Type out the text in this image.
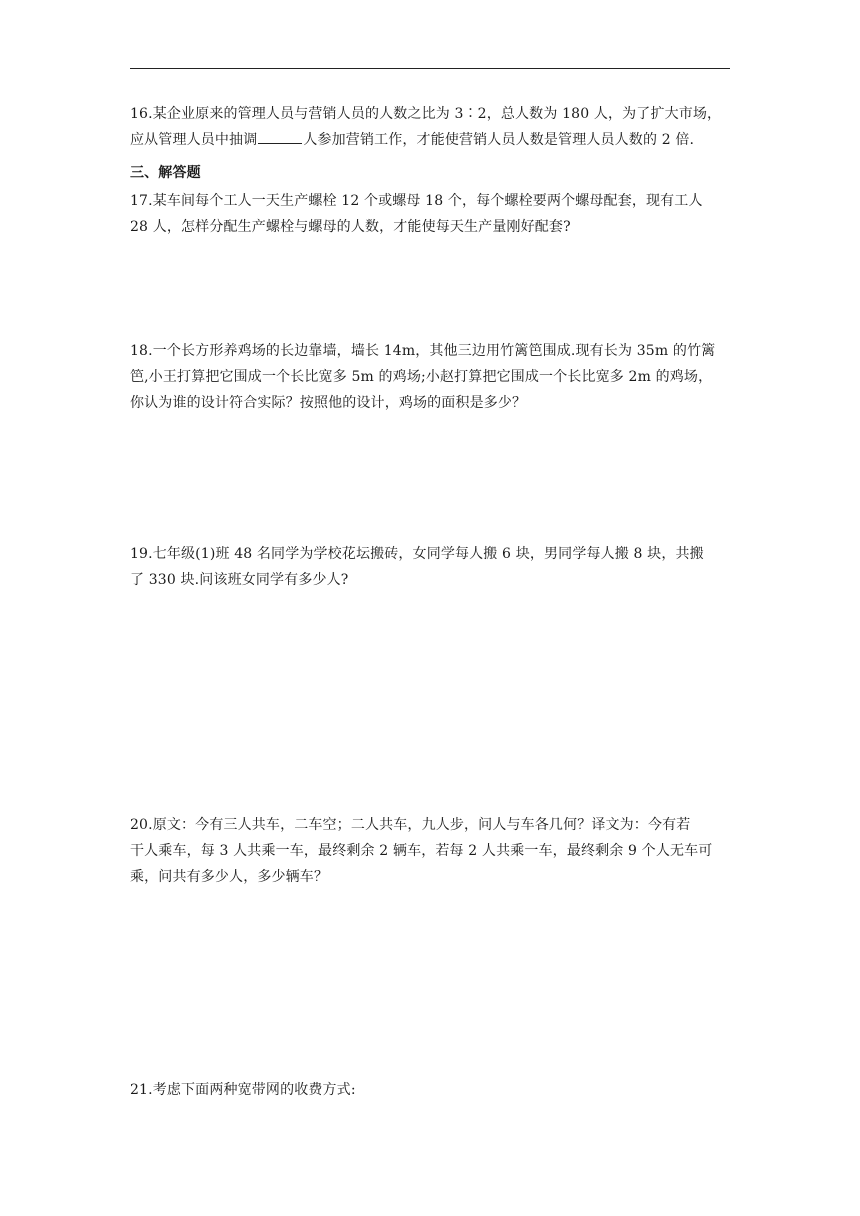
16.某企业原来的管理人员与营销人员的人数之比为 3∶2，总人数为 180 人，为了扩大市场，

应从管理人员中抽调	人参加营销工作，才能使营销人员人数是管理人员人数的 2 倍.

三、解答题

17.某车间每个工人一天生产螺栓 12 个或螺母 18 个，每个螺栓要两个螺母配套，现有工人

28 人，怎样分配生产螺栓与螺母的人数，才能使每天生产量刚好配套?

18.一个长方形养鸡场的长边靠墙，墙长 14m，其他三边用竹篱笆围成.现有长为 35m 的竹篱

笆,小王打算把它围成一个长比宽多 5m 的鸡场;小赵打算把它围成一个长比宽多 2m 的鸡场，

你认为谁的设计符合实际？按照他的设计，鸡场的面积是多少？

19.七年级(1)班 48 名同学为学校花坛搬砖，女同学每人搬 6 块，男同学每人搬 8 块，共搬

了 330 块.问该班女同学有多少人?

20.原文：今有三人共车，二车空；二人共车，九人步，问人与车各几何？译文为：今有若

干人乘车，每 3 人共乘一车，最终剩余 2 辆车，若每 2 人共乘一车，最终剩余 9 个人无车可

乘，问共有多少人，多少辆车？

21.考虑下面两种宽带网的收费方式:
